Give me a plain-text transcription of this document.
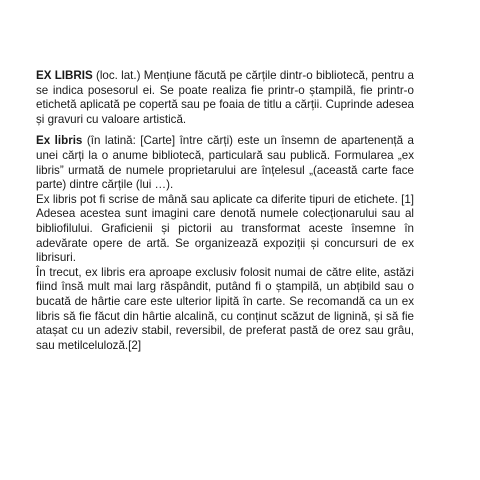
EX LIBRIS (loc. lat.) Mențiune făcută pe cărțile dintr-o bibliotecă, pentru a se indica posesorul ei. Se poate realiza fie printr-o ștampilă, fie printr-o etichetă aplicată pe copertă sau pe foaia de titlu a cărții. Cuprinde adesea și gravuri cu valoare artistică.

Ex libris (în latină: [Carte] între cărți) este un însemn de apartenență a unei cărți la o anume bibliotecă, particulară sau publică. Formularea „ex libris” urmată de numele proprietarului are înțelesul „(această carte face parte) dintre cărțile (lui …).

Ex libris pot fi scrise de mână sau aplicate ca diferite tipuri de etichete. [1] Adesea acestea sunt imagini care denotă numele colecționarului sau al bibliofilului. Graficienii și pictorii au transformat aceste însemne în adevărate opere de artă. Se organizează expoziții și concursuri de ex librisuri.

În trecut, ex libris era aproape exclusiv folosit numai de către elite, astăzi fiind însă mult mai larg răspândit, putând fi o ștampilă, un abțibild sau o bucată de hârtie care este ulterior lipită în carte. Se recomandă ca un ex libris să fie făcut din hârtie alcalină, cu conținut scăzut de lignină, și să fie atașat cu un adeziv stabil, reversibil, de preferat pastă de orez sau grâu, sau metilceluloză.[2]
